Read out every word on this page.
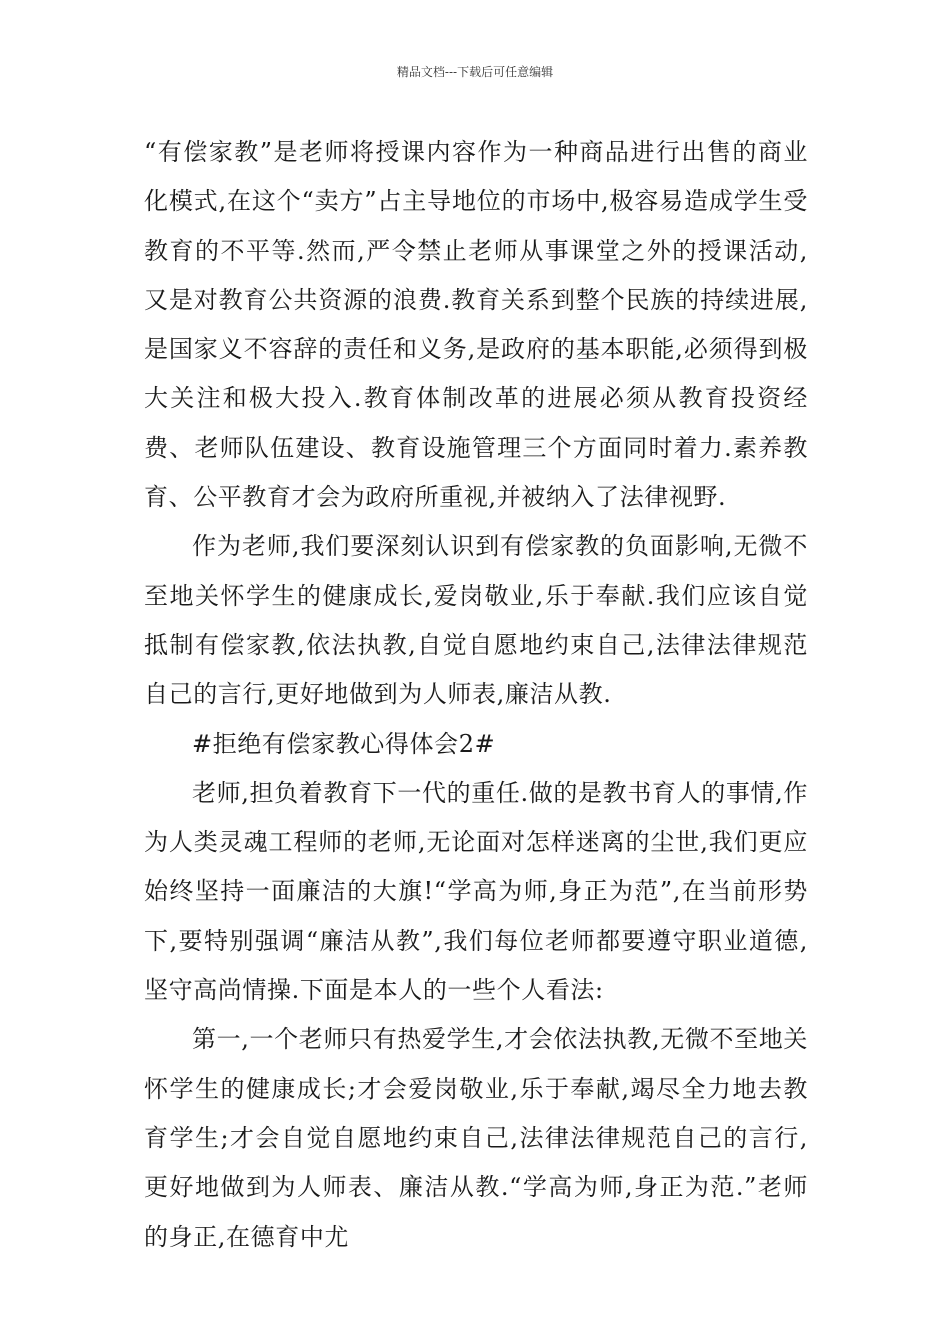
精品文档---下载后可任意编辑

“有偿家教”是老师将授课内容作为一种商品进行出售的商业化模式,在这个“卖方”占主导地位的市场中,极容易造成学生受教育的不平等.然而,严令禁止老师从事课堂之外的授课活动,又是对教育公共资源的浪费.教育关系到整个民族的持续进展,是国家义不容辞的责任和义务,是政府的基本职能,必须得到极大关注和极大投入.教育体制改革的进展必须从教育投资经费、老师队伍建设、教育设施管理三个方面同时着力.素养教育、公平教育才会为政府所重视,并被纳入了法律视野.

作为老师,我们要深刻认识到有偿家教的负面影响,无微不至地关怀学生的健康成长,爱岗敬业,乐于奉献.我们应该自觉抵制有偿家教,依法执教,自觉自愿地约束自己,法律法律规范自己的言行,更好地做到为人师表,廉洁从教.

#拒绝有偿家教心得体会2#

老师,担负着教育下一代的重任.做的是教书育人的事情,作为人类灵魂工程师的老师,无论面对怎样迷离的尘世,我们更应始终坚持一面廉洁的大旗!“学高为师,身正为范”,在当前形势下,要特别强调“廉洁从教”,我们每位老师都要遵守职业道德,坚守高尚情操.下面是本人的一些个人看法:

第一,一个老师只有热爱学生,才会依法执教,无微不至地关怀学生的健康成长;才会爱岗敬业,乐于奉献,竭尽全力地去教育学生;才会自觉自愿地约束自己,法律法律规范自己的言行,更好地做到为人师表、廉洁从教.“学高为师,身正为范.”老师的身正,在德育中尤
